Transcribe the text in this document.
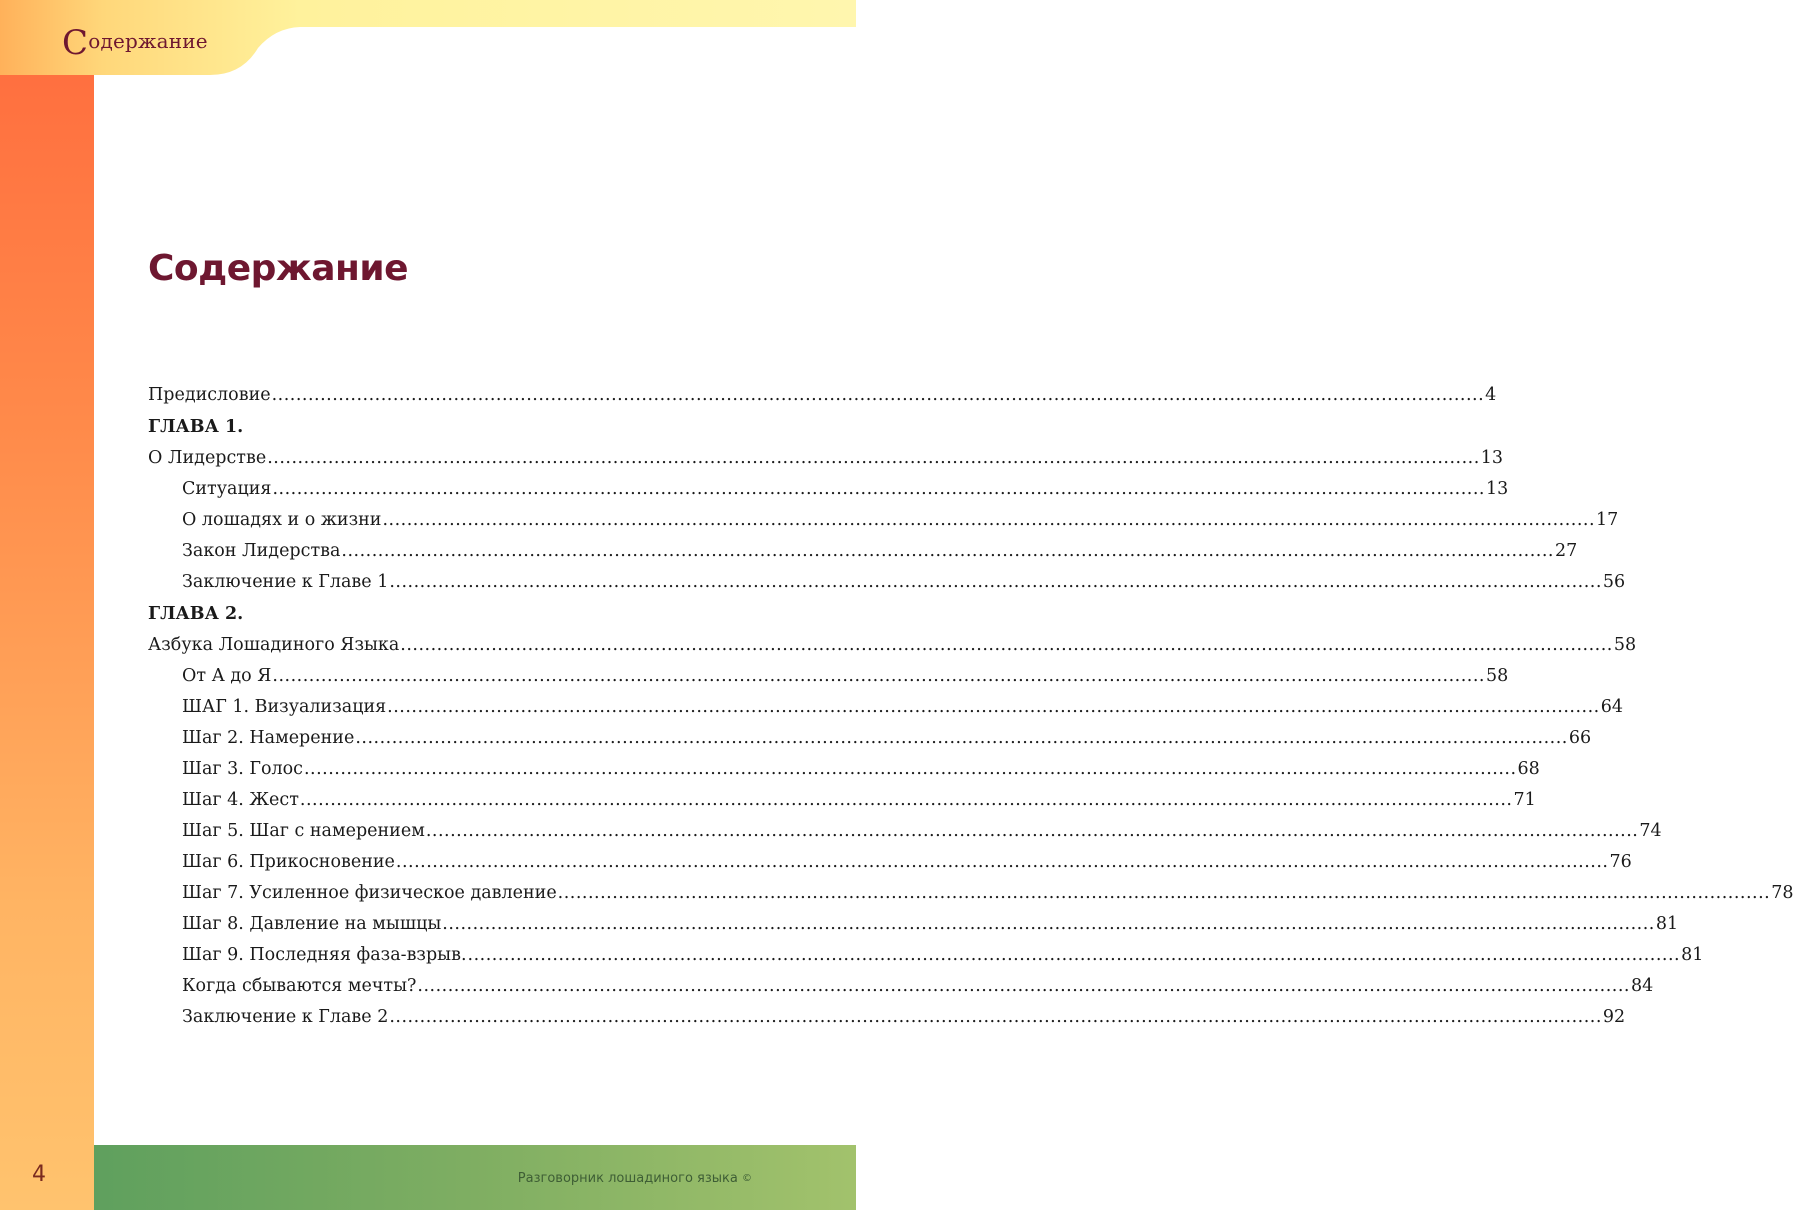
Содержание
Содержание
Предисловие ........................................................................................................................................................................................................ 4
ГЛАВА 1.
О Лидерстве ........................................................................................................................................................................................................ 13
Ситуация ........................................................................................................................................................................................................ 13
О лошадях и о жизни ........................................................................................................................................................................................................ 17
Закон Лидерства ........................................................................................................................................................................................................ 27
Заключение к Главе 1 ........................................................................................................................................................................................................ 56
ГЛАВА 2.
Азбука Лошадиного Языка ........................................................................................................................................................................................................ 58
От А до Я ........................................................................................................................................................................................................ 58
ШАГ 1. Визуализация ........................................................................................................................................................................................................ 64
Шаг 2. Намерение ........................................................................................................................................................................................................ 66
Шаг 3. Голос ........................................................................................................................................................................................................ 68
Шаг 4. Жест ........................................................................................................................................................................................................ 71
Шаг 5. Шаг с намерением ........................................................................................................................................................................................................ 74
Шаг 6. Прикосновение ........................................................................................................................................................................................................ 76
Шаг 7. Усиленное физическое давление ........................................................................................................................................................................................................ 78
Шаг 8. Давление на мышцы ........................................................................................................................................................................................................ 81
Шаг 9. Последняя фаза-взрыв. ........................................................................................................................................................................................................ 81
Когда сбываются мечты? ........................................................................................................................................................................................................ 84
Заключение к Главе 2 ........................................................................................................................................................................................................ 92
4	Разговорник лошадиного языка ©
